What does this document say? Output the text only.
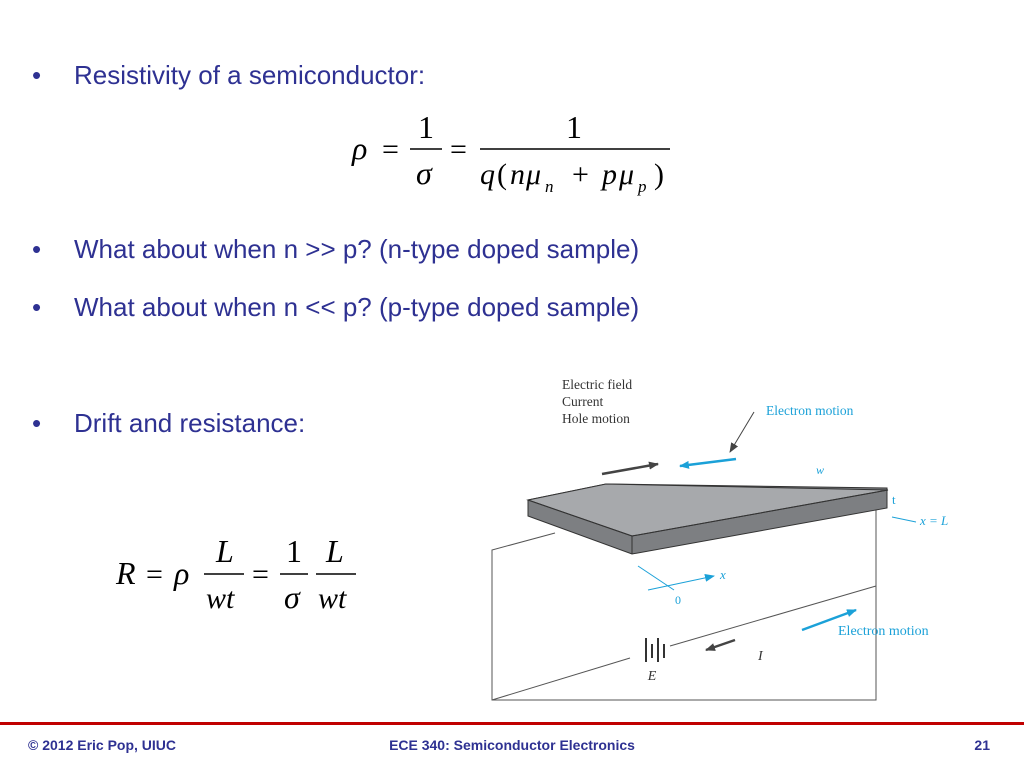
• Resistivity of a semiconductor:
• What about when n >> p? (n-type doped sample)
• What about when n << p? (p-type doped sample)
• Drift and resistance:
ρ =
1
σ
=
1
q ( n μ n + p μ p )
R = ρ
L
wt
=
1
σ
L
wt
E
I
Electron motion
Electric field
Current
Hole motion
Electron motion
w
t
x = L
x
0
© 2012 Eric Pop, UIUC	ECE 340: Semiconductor Electronics	21
